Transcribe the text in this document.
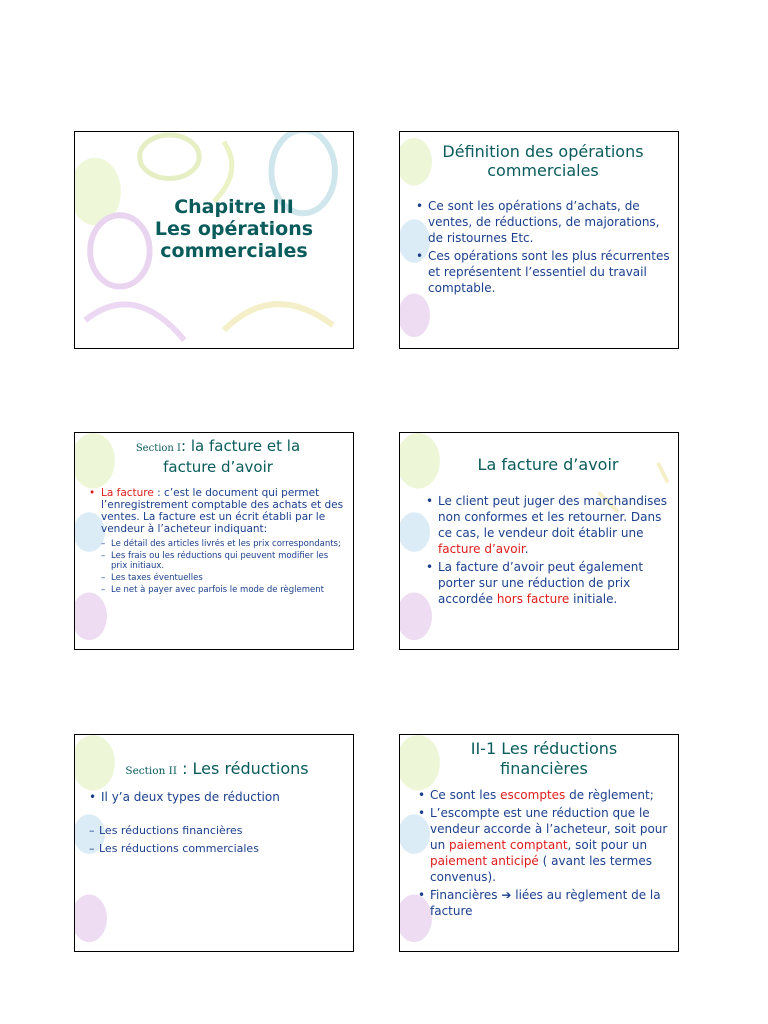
Chapitre III
Les opérations
commerciales
Définition des opérations
commerciales
• Ce sont les opérations d’achats, de ventes, de réductions, de majorations, de ristournes Etc.
• Ces opérations sont les plus récurrentes et représentent l’essentiel du travail comptable.
Section I: la facture et la
facture d’avoir
• La facture : c’est le document qui permet l’enregistrement comptable des achats et des ventes. La facture est un écrit établi par le vendeur à l’acheteur indiquant:
– Le détail des articles livrés et les prix correspondants;
– Les frais ou les réductions qui peuvent modifier les prix initiaux.
– Les taxes éventuelles
– Le net à payer avec parfois le mode de règlement
La facture d’avoir
• Le client peut juger des marchandises non conformes et les retourner. Dans ce cas, le vendeur doit établir une facture d’avoir.
• La facture d’avoir peut également porter sur une réduction de prix accordée hors facture initiale.
Section II : Les réductions
• Il y’a deux types de réduction
– Les réductions financières
– Les réductions commerciales
II-1 Les réductions
financières
• Ce sont les escomptes de règlement;
• L’escompte est une réduction que le vendeur accorde à l’acheteur, soit pour un paiement comptant, soit pour un paiement anticipé ( avant les termes convenus).
• Financières ➔ liées au règlement de la facture
